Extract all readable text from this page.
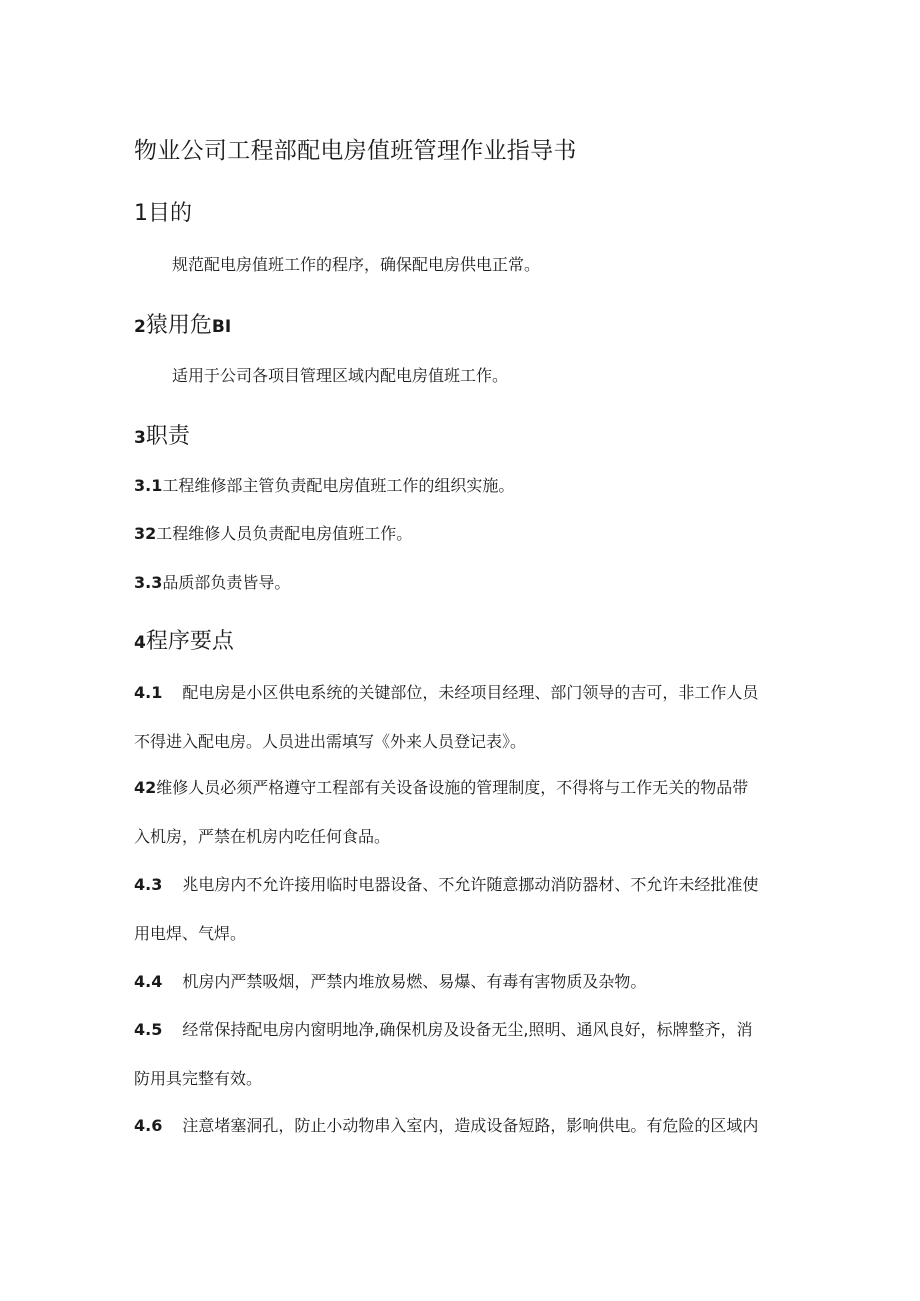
物业公司工程部配电房值班管理作业指导书
1目的
规范配电房值班工作的程序，确保配电房供电正常。
2猿用危BI
适用于公司各项目管理区域内配电房值班工作。
3职责
3.1工程维修部主管负责配电房值班工作的组织实施。
32工程维修人员负责配电房值班工作。
3.3品质部负责皆导。
4程序要点
4.1 配电房是小区供电系统的关键部位，未经项目经理、部门领导的吉可，非工作人员
不得进入配电房。人员进出需填写《外来人员登记表》。
42维修人员必须严格遵守工程部有关设备设施的管理制度，不得将与工作无关的物品带
入机房，严禁在机房内吃任何食品。
4.3 兆电房内不允许接用临时电器设备、不允许随意挪动消防器材、不允许未经批准使
用电焊、气焊。
4.4 机房内严禁吸烟，严禁内堆放易燃、易爆、有毒有害物质及杂物。
4.5 经常保持配电房内窗明地净,确保机房及设备无尘,照明、通风良好，标牌整齐，消
防用具完整有效。
4.6 注意堵塞洞孔，防止小动物串入室内，造成设备短路，影响供电。有危险的区域内
